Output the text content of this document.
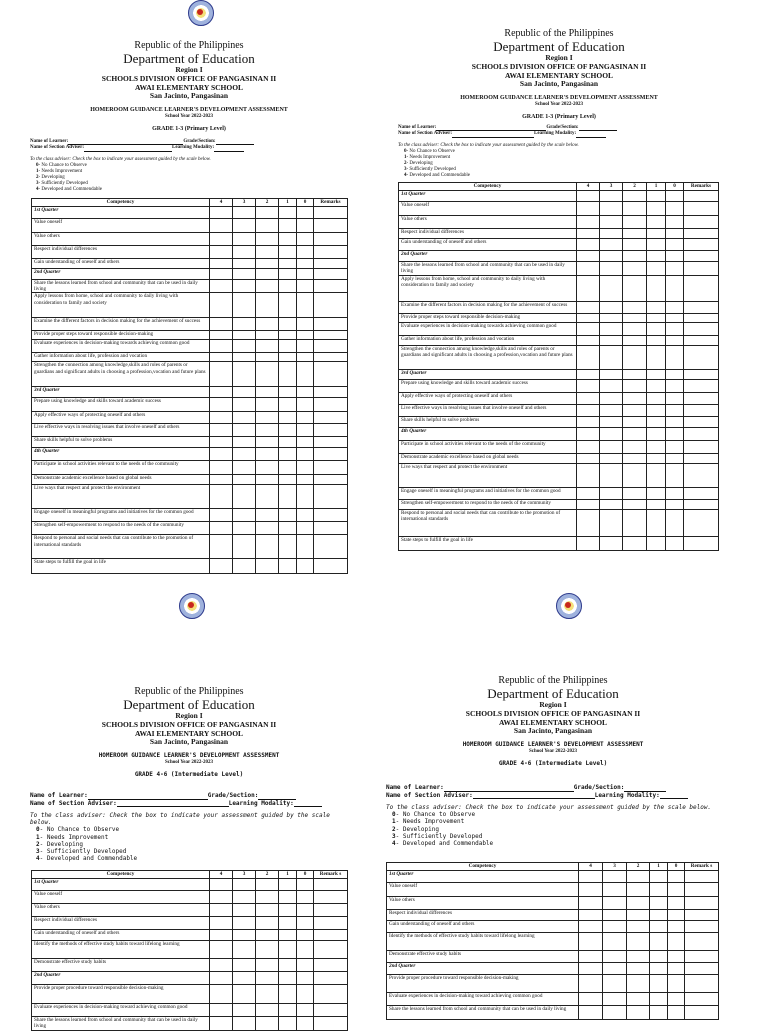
Republic of the Philippines
Department of Education
Region I
SCHOOLS DIVISION OFFICE OF PANGASINAN II
AWAI ELEMENTARY SCHOOL
San Jacinto, Pangasinan
HOMEROOM GUIDANCE LEARNER'S DEVELOPMENT ASSESSMENT
School Year 2022-2023
GRADE 1-3 (Primary Level)
Name of Learner:	Grade/Section:
Name of Section Adviser:	Learning Modality:
To the class adviser: Check the box to indicate your assessment guided by the scale below.
0- No Chance to Observe
1- Needs Improvement
2- Developing
3- Sufficiently Developed
4- Developed and Commendable
Competency	4	3	2	1	0	Remarks
1st Quarter						
Value oneself						
Value others						
Respect individual differences						
Gain understanding of oneself and others						
2nd Quarter						
Share the lessons learned from school and community that can be used in daily living						
Apply lessons from home, school and community to daily living with consideration to family and society						
Examine the different factors in decision making for the achievement of success						
Provide proper steps toward responsible decision-making						
Evaluate experiences in decision-making towards achieving common good						
Gather information about life, profession and vocation						
Strengthen the connection among knowledge,skills and roles of parents or guardians and significant adults in choosing a profession,vocation and future plans						
3rd Quarter						
Prepare using knowledge and skills toward academic success						
Apply effective ways of protecting oneself and others						
Live effective ways in resolving issues that involve oneself and others						
Share skills helpful to solve problems						
4th Quarter						
Participate in school activities relevant to the needs of the community						
Demonstrate academic excellence based on global needs						
Live ways that respect and protect the environment						
Engage oneself in meaningful programs and initiatives for the common good						
Strengthen self-empowerment to respond to the needs of the community						
Respond to personal and social needs that can contribute to the promotion of international standards						
State steps to fulfill the goal in life						
Republic of the Philippines
Department of Education
Region I
SCHOOLS DIVISION OFFICE OF PANGASINAN II
AWAI ELEMENTARY SCHOOL
San Jacinto, Pangasinan
HOMEROOM GUIDANCE LEARNER'S DEVELOPMENT ASSESSMENT
School Year 2022-2023
GRADE 1-3 (Primary Level)
Name of Learner:	Grade/Section:
Name of Section Adviser:	Learning Modality:
To the class adviser: Check the box to indicate your assessment guided by the scale below.
0- No Chance to Observe
1- Needs Improvement
2- Developing
3- Sufficiently Developed
4- Developed and Commendable
Competency	4	3	2	1	0	Remarks
1st Quarter						
Value oneself						
Value others						
Respect individual differences						
Gain understanding of oneself and others						
2nd Quarter						
Share the lessons learned from school and community that can be used in daily living						
Apply lessons from home, school and community to daily living with consideration to family and society						
Examine the different factors in decision making for the achievement of success						
Provide proper steps toward responsible decision-making						
Evaluate experiences in decision-making towards achieving common good						
Gather information about life, profession and vocation						
Strengthen the connection among knowledge,skills and roles of parents or guardians and significant adults in choosing a profession,vocation and future plans						
3rd Quarter						
Prepare using knowledge and skills toward academic success						
Apply effective ways of protecting oneself and others						
Live effective ways in resolving issues that involve oneself and others						
Share skills helpful to solve problems						
4th Quarter						
Participate in school activities relevant to the needs of the community						
Demonstrate academic excellence based on global needs						
Live ways that respect and protect the environment						
Engage oneself in meaningful programs and initiatives for the common good						
Strengthen self-empowerment to respond to the needs of the community						
Respond to personal and social needs that can contribute to the promotion of international standards						
State steps to fulfill the goal in life						
Republic of the Philippines
Department of Education
Region I
SCHOOLS DIVISION OFFICE OF PANGASINAN II
AWAI ELEMENTARY SCHOOL
San Jacinto, Pangasinan
HOMEROOM GUIDANCE LEARNER'S DEVELOPMENT ASSESSMENT
School Year 2022-2023
GRADE 4-6 (Intermediate Level)
Name of Learner:	Grade/Section:
Name of Section Adviser:	Learning Modality:
To the class adviser: Check the box to indicate your assessment guided by the scale below.
0- No Chance to Observe
1- Needs Improvement
2- Developing
3- Sufficiently Developed
4- Developed and Commendable
Competency	4	3	2	1	0	Remark s
1st Quarter						
Value oneself						
Value others						
Respect individual differences						
Gain understanding of oneself and others						
Identify the methods of effective study habits toward lifelong learning						
Demonstrate effective study habits						
2nd Quarter						
Provide proper procedure toward responsible decision-making						
Evaluate experiences in decision-making toward achieving common good						
Share the lessons learned from school and community that can be used in daily living						
Republic of the Philippines
Department of Education
Region I
SCHOOLS DIVISION OFFICE OF PANGASINAN II
AWAI ELEMENTARY SCHOOL
San Jacinto, Pangasinan
HOMEROOM GUIDANCE LEARNER'S DEVELOPMENT ASSESSMENT
School Year 2022-2023
GRADE 4-6 (Intermediate Level)
Name of Learner:	Grade/Section:
Name of Section Adviser:	Learning Modality:
To the class adviser: Check the box to indicate your assessment guided by the scale below.
0- No Chance to Observe
1- Needs Improvement
2- Developing
3- Sufficiently Developed
4- Developed and Commendable
Competency	4	3	2	1	0	Remark s
1st Quarter						
Value oneself						
Value others						
Respect individual differences						
Gain understanding of oneself and others						
Identify the methods of effective study habits toward lifelong learning						
Demonstrate effective study habits						
2nd Quarter						
Provide proper procedure toward responsible decision-making						
Evaluate experiences in decision-making toward achieving common good						
Share the lessons learned from school and community that can be used in daily living						
